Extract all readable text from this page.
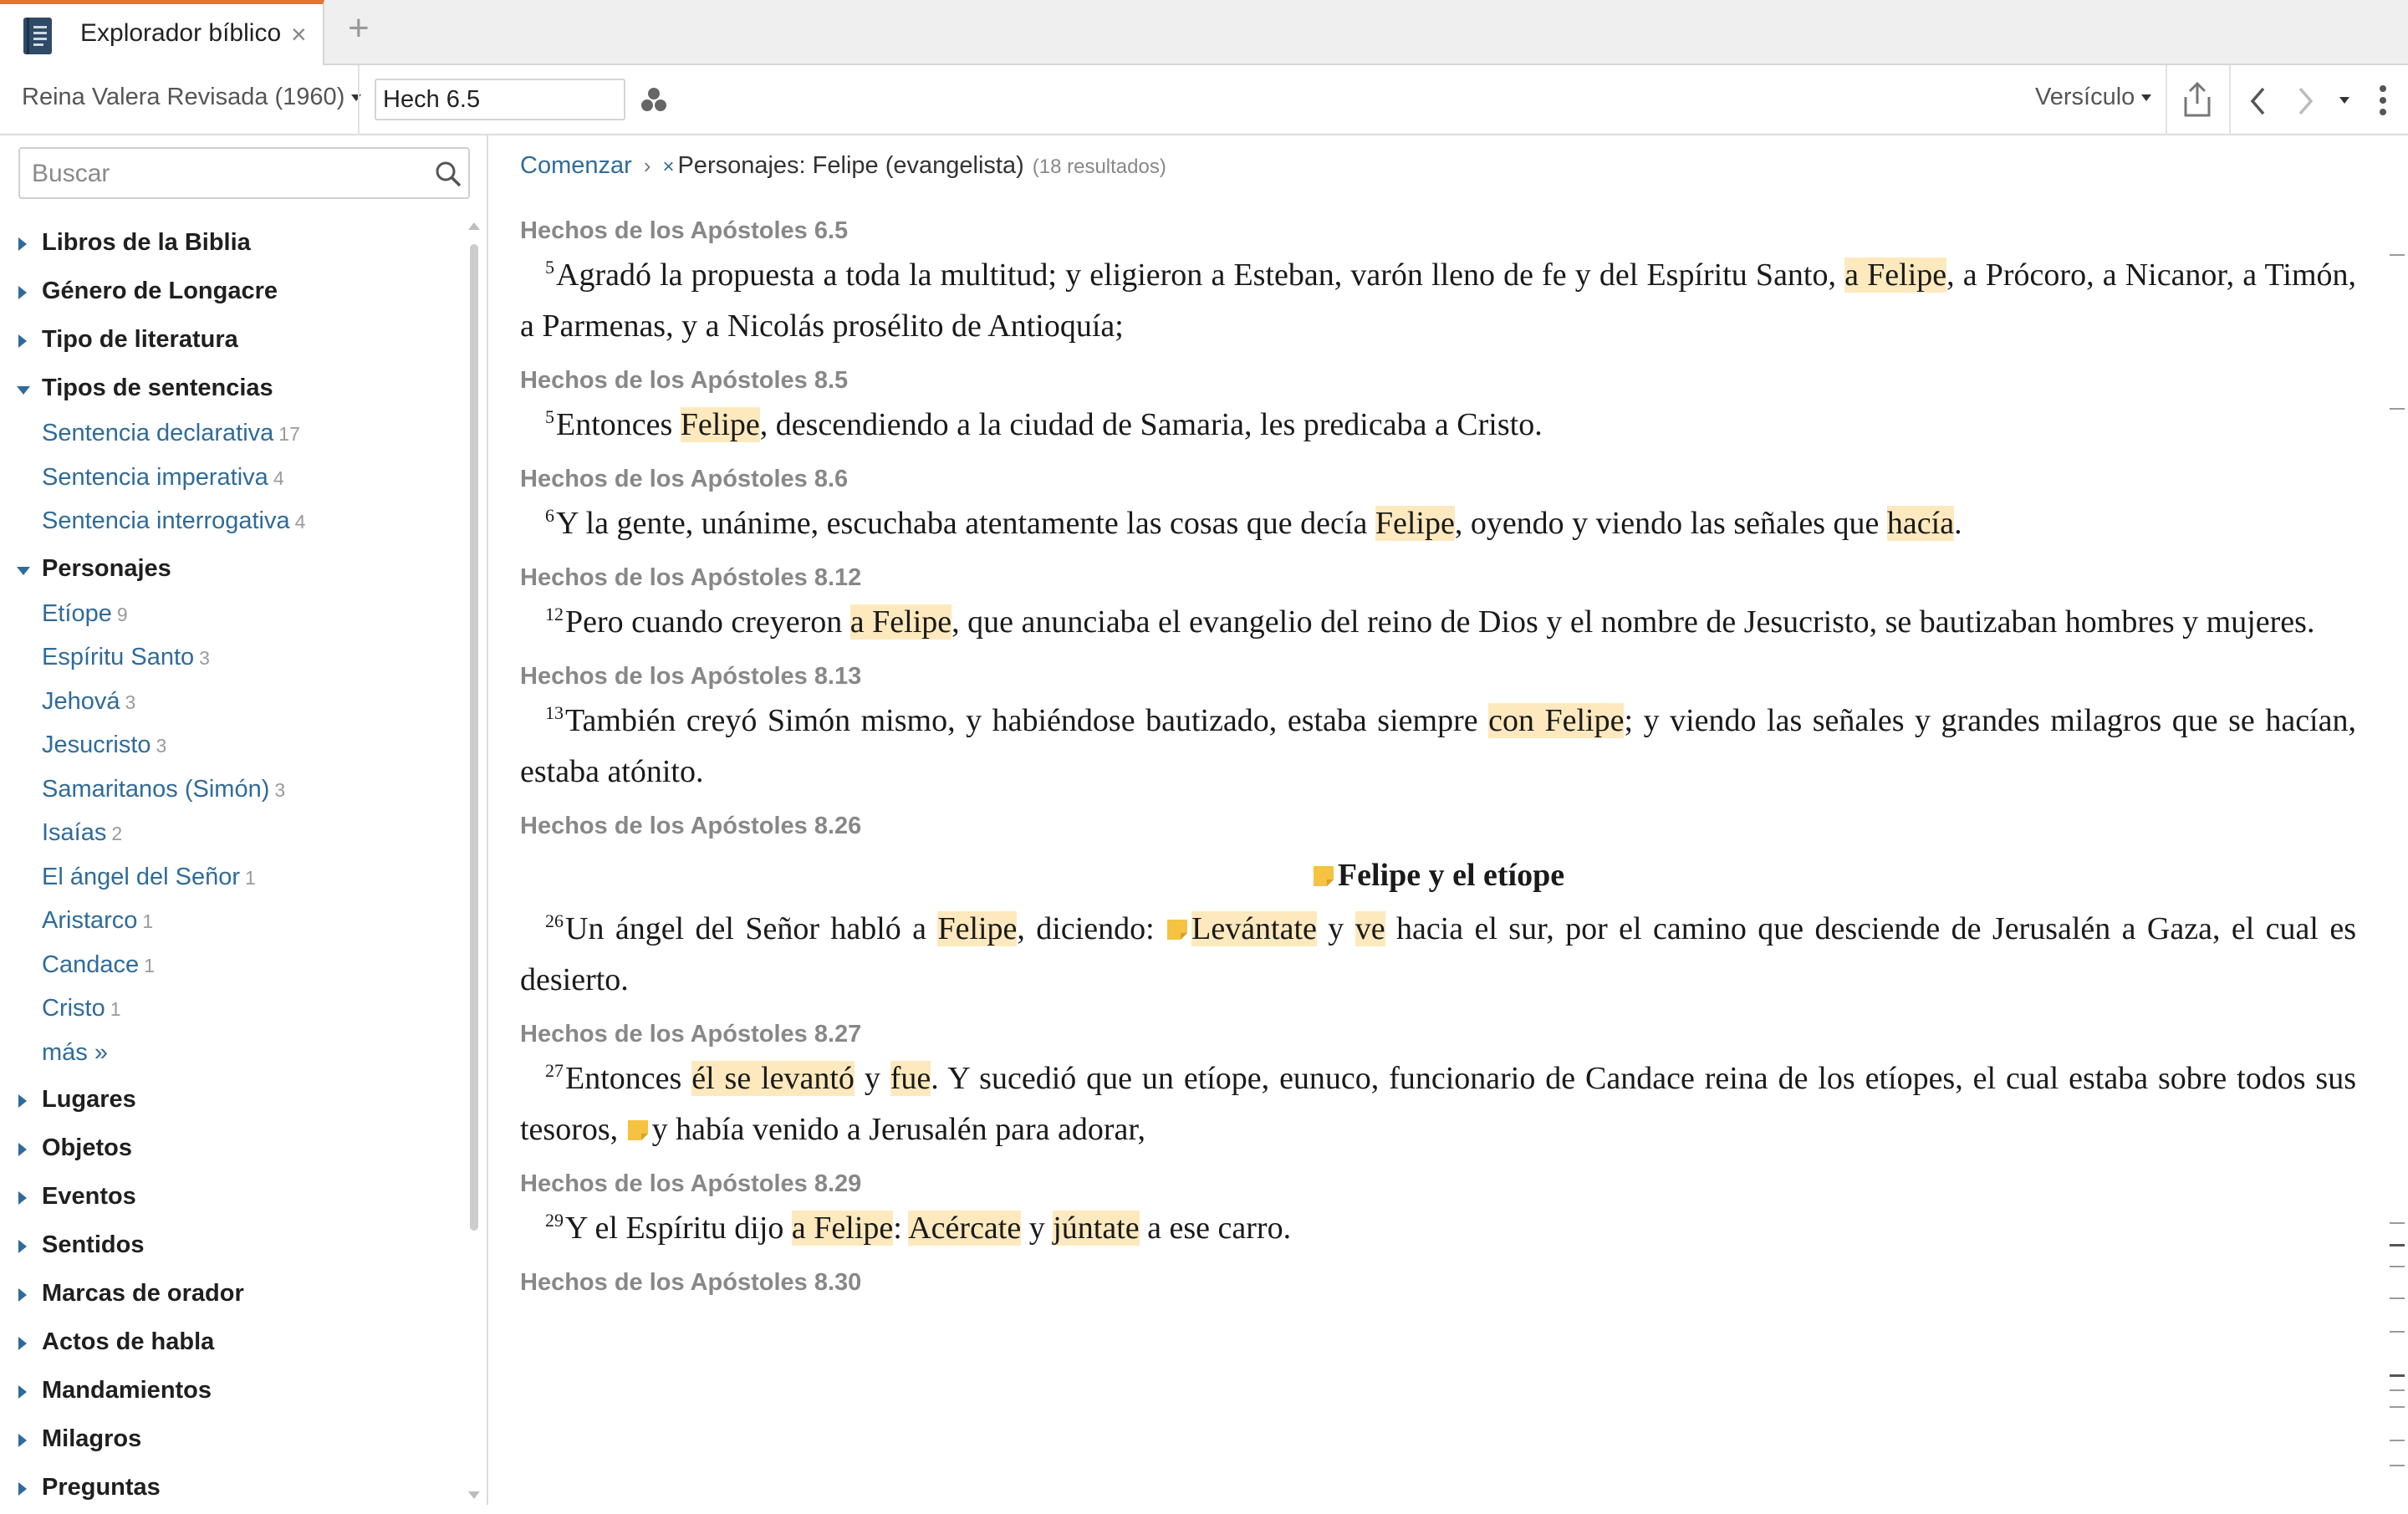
Explorador bíblico × +
Reina Valera Revisada (1960)
Hech 6.5	Versículo
Buscar
Libros de la Biblia
Género de Longacre
Tipo de literatura
Tipos de sentencias
Sentencia declarativa 17
Sentencia imperativa 4
Sentencia interrogativa 4
Personajes
Etíope 9
Espíritu Santo 3
Jehová 3
Jesucristo 3
Samaritanos (Simón) 3
Isaías 2
El ángel del Señor 1
Aristarco 1
Candace 1
Cristo 1
más »
Lugares
Objetos
Eventos
Sentidos
Marcas de orador
Actos de habla
Mandamientos
Milagros
Preguntas
Comenzar › × Personajes: Felipe (evangelista) (18 resultados)
Hechos de los Apóstoles 6.5
$^5$Agradó la propuesta a toda la multitud; y eligieron a Esteban, varón lleno de fe y del Espíritu Santo, a Felipe, a Prócoro, a Nicanor, a Timón, a Parmenas, y a Nicolás prosélito de Antioquía;
Hechos de los Apóstoles 8.5
$^5$Entonces Felipe, descendiendo a la ciudad de Samaria, les predicaba a Cristo.
Hechos de los Apóstoles 8.6
$^6$Y la gente, unánime, escuchaba atentamente las cosas que decía Felipe, oyendo y viendo las señales que hacía.
Hechos de los Apóstoles 8.12
$^{12}$Pero cuando creyeron a Felipe, que anunciaba el evangelio del reino de Dios y el nombre de Jesucristo, se bautizaban hombres y mujeres.
Hechos de los Apóstoles 8.13
$^{13}$También creyó Simón mismo, y habiéndose bautizado, estaba siempre con Felipe; y viendo las señales y grandes milagros que se hacían, estaba atónito.
Hechos de los Apóstoles 8.26
Felipe y el etíope
$^{26}$Un ángel del Señor habló a Felipe, diciendo: Levántate y ve hacia el sur, por el camino que desciende de Jerusalén a Gaza, el cual es desierto.
Hechos de los Apóstoles 8.27
$^{27}$Entonces él se levantó y fue. Y sucedió que un etíope, eunuco, funcionario de Candace reina de los etíopes, el cual estaba sobre todos sus tesoros, y había venido a Jerusalén para adorar,
Hechos de los Apóstoles 8.29
$^{29}$Y el Espíritu dijo a Felipe: Acércate y júntate a ese carro.
Hechos de los Apóstoles 8.30
